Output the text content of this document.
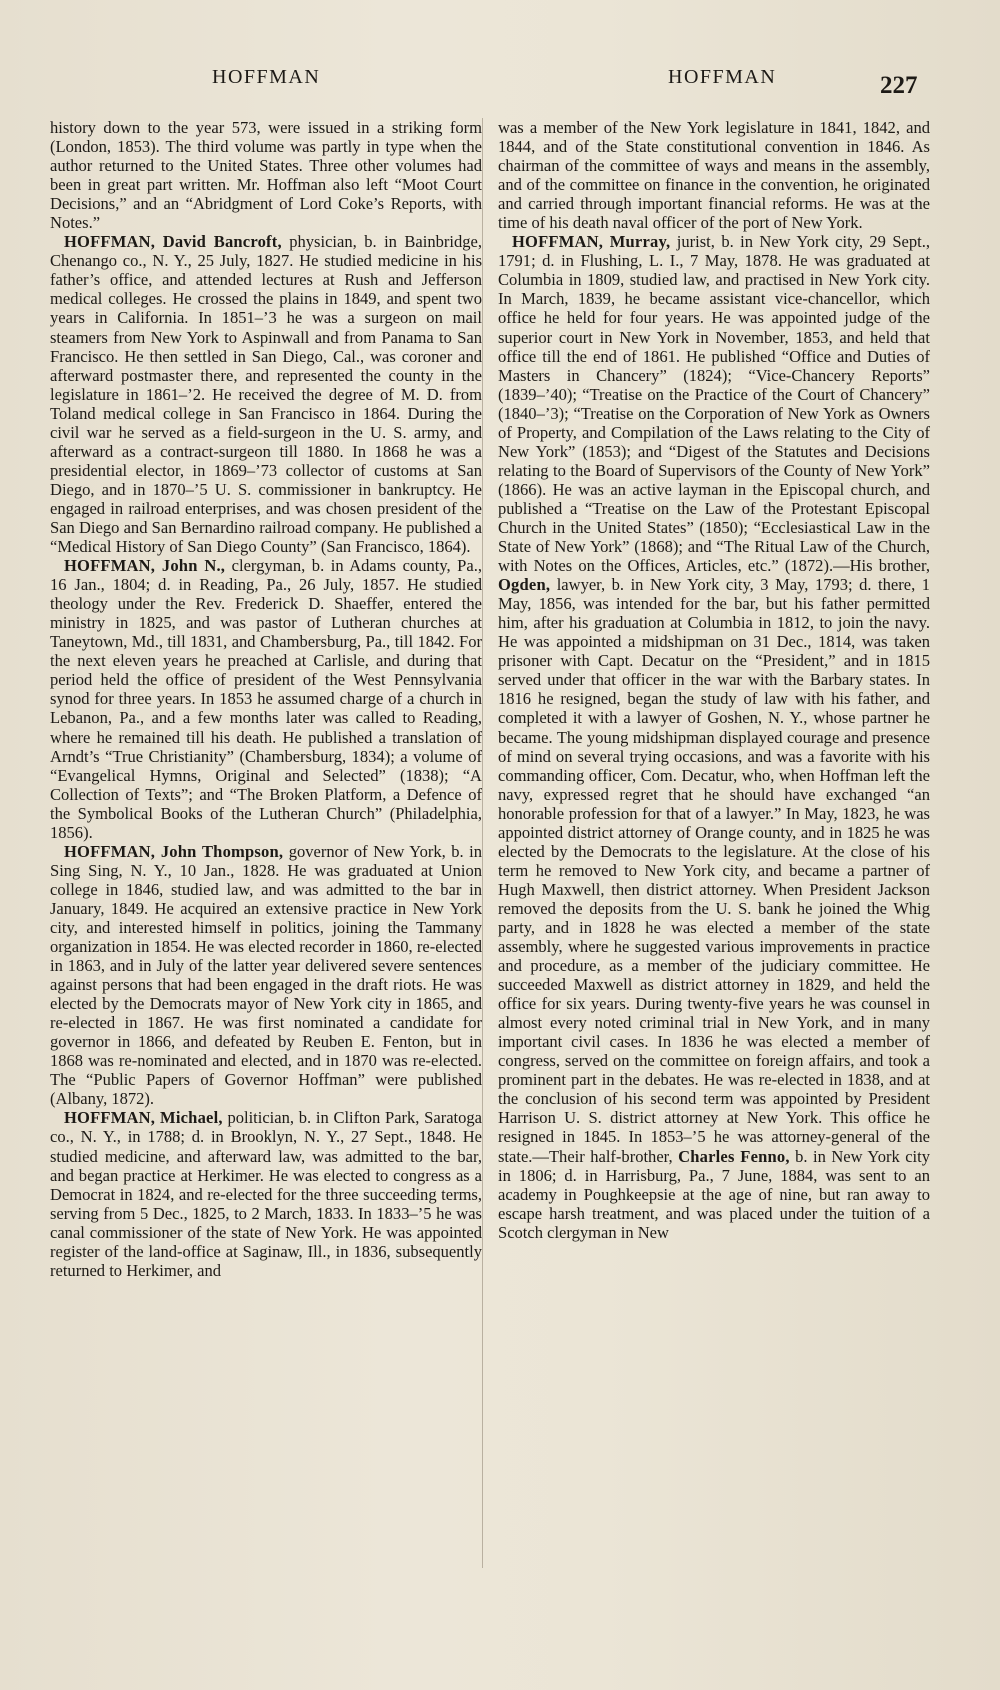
HOFFMAN	HOFFMAN	227

history down to the year 573, were issued in a striking form (London, 1853). The third volume was partly in type when the author returned to the United States. Three other volumes had been in great part written. Mr. Hoffman also left “Moot Court Decisions,” and an “Abridgment of Lord Coke’s Reports, with Notes.”

HOFFMAN, David Bancroft, physician, b. in Bainbridge, Chenango co., N. Y., 25 July, 1827. He studied medicine in his father’s office, and attended lectures at Rush and Jefferson medical colleges. He crossed the plains in 1849, and spent two years in California. In 1851–’3 he was a surgeon on mail steamers from New York to Aspinwall and from Panama to San Francisco. He then settled in San Diego, Cal., was coroner and afterward postmaster there, and represented the county in the legislature in 1861–’2. He received the degree of M. D. from Toland medical college in San Francisco in 1864. During the civil war he served as a field-surgeon in the U. S. army, and afterward as a contract-surgeon till 1880. In 1868 he was a presidential elector, in 1869–’73 collector of customs at San Diego, and in 1870–’5 U. S. commissioner in bankruptcy. He engaged in railroad enterprises, and was chosen president of the San Diego and San Bernardino railroad company. He published a “Medical History of San Diego County” (San Francisco, 1864).

HOFFMAN, John N., clergyman, b. in Adams county, Pa., 16 Jan., 1804; d. in Reading, Pa., 26 July, 1857. He studied theology under the Rev. Frederick D. Shaeffer, entered the ministry in 1825, and was pastor of Lutheran churches at Taneytown, Md., till 1831, and Chambersburg, Pa., till 1842. For the next eleven years he preached at Carlisle, and during that period held the office of president of the West Pennsylvania synod for three years. In 1853 he assumed charge of a church in Lebanon, Pa., and a few months later was called to Reading, where he remained till his death. He published a translation of Arndt’s “True Christianity” (Chambersburg, 1834); a volume of “Evangelical Hymns, Original and Selected” (1838); “A Collection of Texts”; and “The Broken Platform, a Defence of the Symbolical Books of the Lutheran Church” (Philadelphia, 1856).

HOFFMAN, John Thompson, governor of New York, b. in Sing Sing, N. Y., 10 Jan., 1828. He was graduated at Union college in 1846, studied law, and was admitted to the bar in January, 1849. He acquired an extensive practice in New York city, and interested himself in politics, joining the Tammany organization in 1854. He was elected recorder in 1860, re-elected in 1863, and in July of the latter year delivered severe sentences against persons that had been engaged in the draft riots. He was elected by the Democrats mayor of New York city in 1865, and re-elected in 1867. He was first nominated a candidate for governor in 1866, and defeated by Reuben E. Fenton, but in 1868 was re-nominated and elected, and in 1870 was re-elected. The “Public Papers of Governor Hoffman” were published (Albany, 1872).

HOFFMAN, Michael, politician, b. in Clifton Park, Saratoga co., N. Y., in 1788; d. in Brooklyn, N. Y., 27 Sept., 1848. He studied medicine, and afterward law, was admitted to the bar, and began practice at Herkimer. He was elected to congress as a Democrat in 1824, and re-elected for the three succeeding terms, serving from 5 Dec., 1825, to 2 March, 1833. In 1833–’5 he was canal commissioner of the state of New York. He was appointed register of the land-office at Saginaw, Ill., in 1836, subsequently returned to Herkimer, and

was a member of the New York legislature in 1841, 1842, and 1844, and of the State constitutional convention in 1846. As chairman of the committee of ways and means in the assembly, and of the committee on finance in the convention, he originated and carried through important financial reforms. He was at the time of his death naval officer of the port of New York.

HOFFMAN, Murray, jurist, b. in New York city, 29 Sept., 1791; d. in Flushing, L. I., 7 May, 1878. He was graduated at Columbia in 1809, studied law, and practised in New York city. In March, 1839, he became assistant vice-chancellor, which office he held for four years. He was appointed judge of the superior court in New York in November, 1853, and held that office till the end of 1861. He published “Office and Duties of Masters in Chancery” (1824); “Vice-Chancery Reports” (1839–’40); “Treatise on the Practice of the Court of Chancery” (1840–’3); “Treatise on the Corporation of New York as Owners of Property, and Compilation of the Laws relating to the City of New York” (1853); and “Digest of the Statutes and Decisions relating to the Board of Supervisors of the County of New York” (1866). He was an active layman in the Episcopal church, and published a “Treatise on the Law of the Protestant Episcopal Church in the United States” (1850); “Ecclesiastical Law in the State of New York” (1868); and “The Ritual Law of the Church, with Notes on the Offices, Articles, etc.” (1872).—His brother, Ogden, lawyer, b. in New York city, 3 May, 1793; d. there, 1 May, 1856, was intended for the bar, but his father permitted him, after his graduation at Columbia in 1812, to join the navy. He was appointed a midshipman on 31 Dec., 1814, was taken prisoner with Capt. Decatur on the “President,” and in 1815 served under that officer in the war with the Barbary states. In 1816 he resigned, began the study of law with his father, and completed it with a lawyer of Goshen, N. Y., whose partner he became. The young midshipman displayed courage and presence of mind on several trying occasions, and was a favorite with his commanding officer, Com. Decatur, who, when Hoffman left the navy, expressed regret that he should have exchanged “an honorable profession for that of a lawyer.” In May, 1823, he was appointed district attorney of Orange county, and in 1825 he was elected by the Democrats to the legislature. At the close of his term he removed to New York city, and became a partner of Hugh Maxwell, then district attorney. When President Jackson removed the deposits from the U. S. bank he joined the Whig party, and in 1828 he was elected a member of the state assembly, where he suggested various improvements in practice and procedure, as a member of the judiciary committee. He succeeded Maxwell as district attorney in 1829, and held the office for six years. During twenty-five years he was counsel in almost every noted criminal trial in New York, and in many important civil cases. In 1836 he was elected a member of congress, served on the committee on foreign affairs, and took a prominent part in the debates. He was re-elected in 1838, and at the conclusion of his second term was appointed by President Harrison U. S. district attorney at New York. This office he resigned in 1845. In 1853–’5 he was attorney-general of the state.—Their half-brother, Charles Fenno, b. in New York city in 1806; d. in Harrisburg, Pa., 7 June, 1884, was sent to an academy in Poughkeepsie at the age of nine, but ran away to escape harsh treatment, and was placed under the tuition of a Scotch clergyman in New
